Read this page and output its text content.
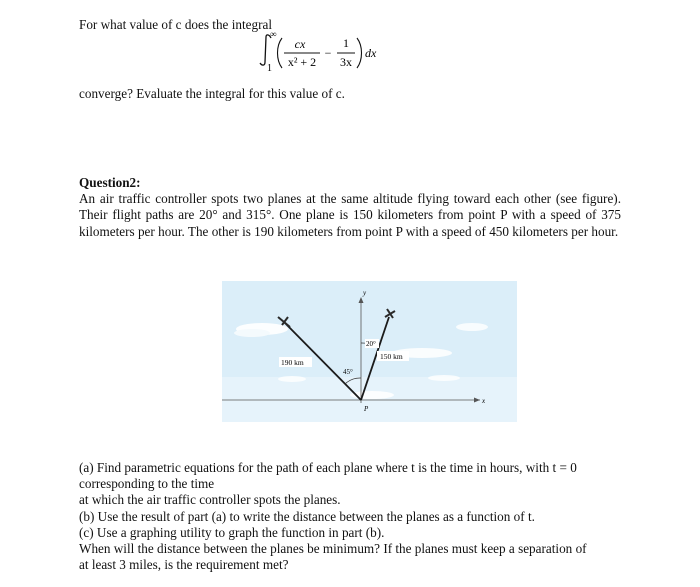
For what value of c does the integral
∞
1
cx
x² + 2
−
1
3x
dx
converge? Evaluate the integral for this value of c.
Question2:
An air traffic controller spots two planes at the same altitude flying toward each other (see figure). Their flight paths are 20° and 315°. One plane is 150 kilometers from point P with a speed of 375 kilometers per hour. The other is 190 kilometers from point P with a speed of 450 kilometers per hour.
y
x
20°
45°
150 km
190 km
P
(a) Find parametric equations for the path of each plane where t is the time in hours, with t = 0
corresponding to the time
at which the air traffic controller spots the planes.
(b) Use the result of part (a) to write the distance between the planes as a function of t.
(c) Use a graphing utility to graph the function in part (b).
When will the distance between the planes be minimum? If the planes must keep a separation of
at least 3 miles, is the requirement met?
